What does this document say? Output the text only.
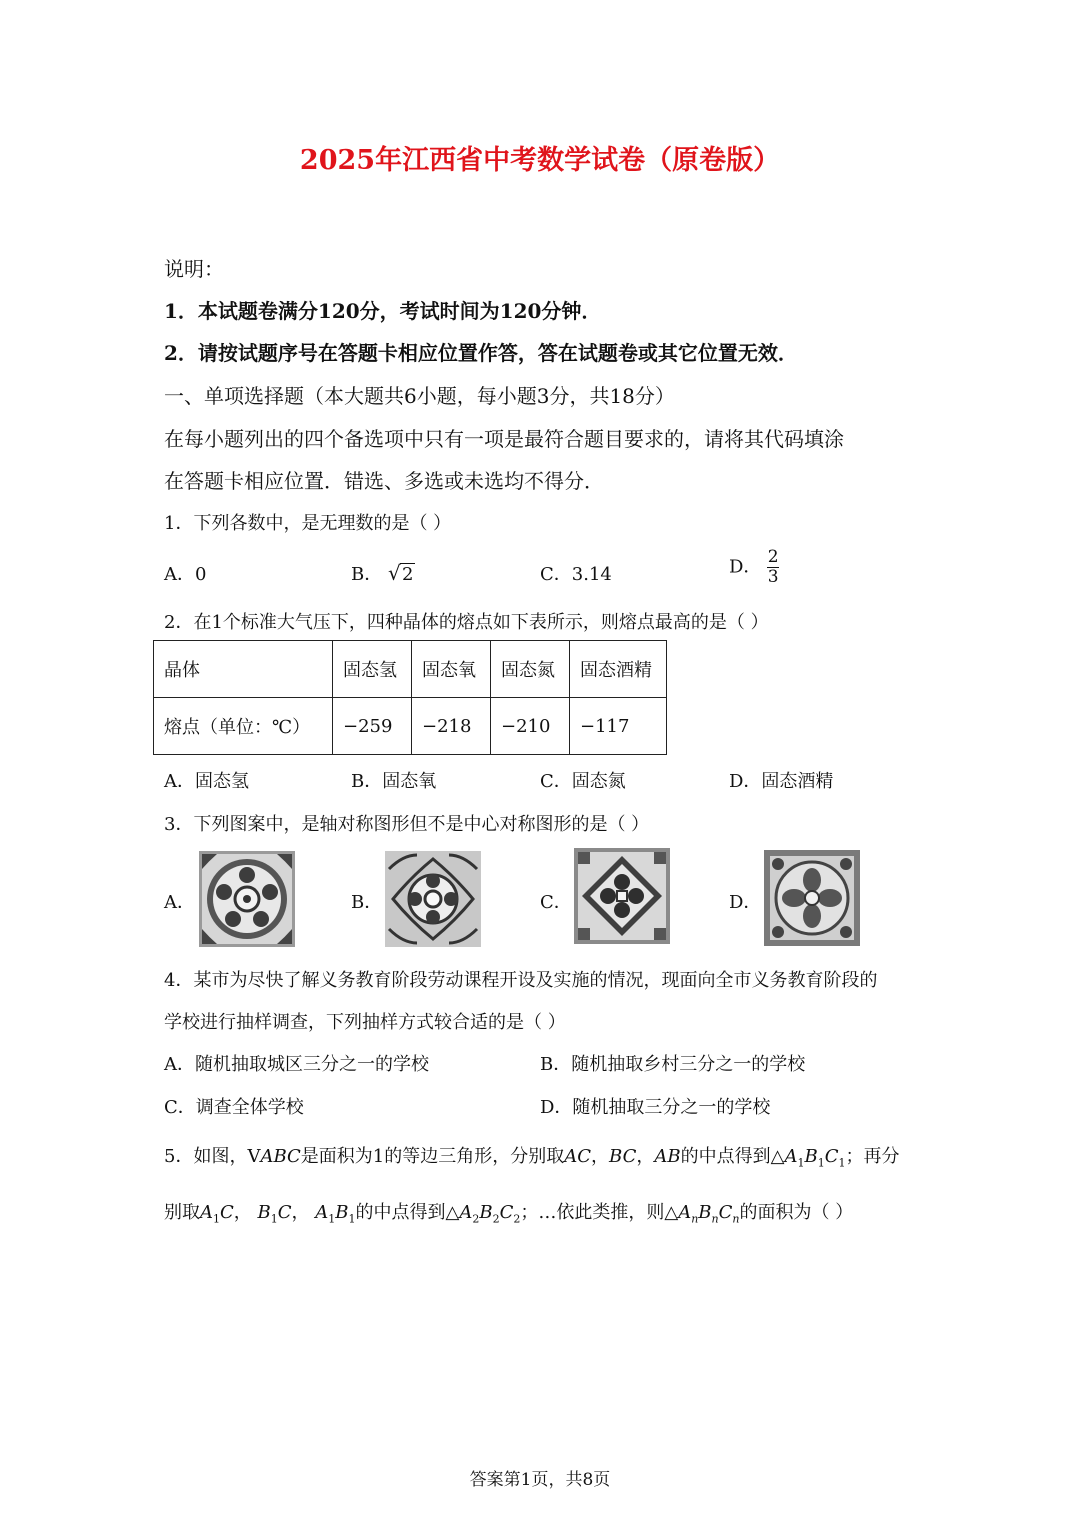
2025年江西省中考数学试卷（原卷版）
说明：
1．本试题卷满分120分，考试时间为120分钟．
2．请按试题序号在答题卡相应位置作答，答在试题卷或其它位置无效．
一、单项选择题（本大题共6小题，每小题3分，共18分）
在每小题列出的四个备选项中只有一项是最符合题目要求的，请将其代码填涂
在答题卡相应位置．错选、多选或未选均不得分．
1．下列各数中，是无理数的是（ ）
A．0	B． √ 2	C．3.14	D． $\frac{2}{3}$
2．在1个标准大气压下，四种晶体的熔点如下表所示，则熔点最高的是（ ）
晶体	固态氢	固态氧	固态氮	固态酒精
熔点（单位：℃）	−259	−218	−210	−117
A．固态氢	B．固态氧	C．固态氮	D．固态酒精
3．下列图案中，是轴对称图形但不是中心对称图形的是（ ）
A．	B．	C．	D．
4．某市为尽快了解义务教育阶段劳动课程开设及实施的情况，现面向全市义务教育阶段的
学校进行抽样调查，下列抽样方式较合适的是（ ）
A．随机抽取城区三分之一的学校	B．随机抽取乡村三分之一的学校
C．调查全体学校	D．随机抽取三分之一的学校
5．如图，VABC是面积为1的等边三角形，分别取AC，BC，AB的中点得到$\triangle A_1B_1C_1$；再分
别取$A_1C$， $B_1C$， $A_1B_1$的中点得到$\triangle A_2B_2C_2$；…依此类推，则$\triangle A_nB_nC_n$的面积为（ ）
答案第1页，共8页
